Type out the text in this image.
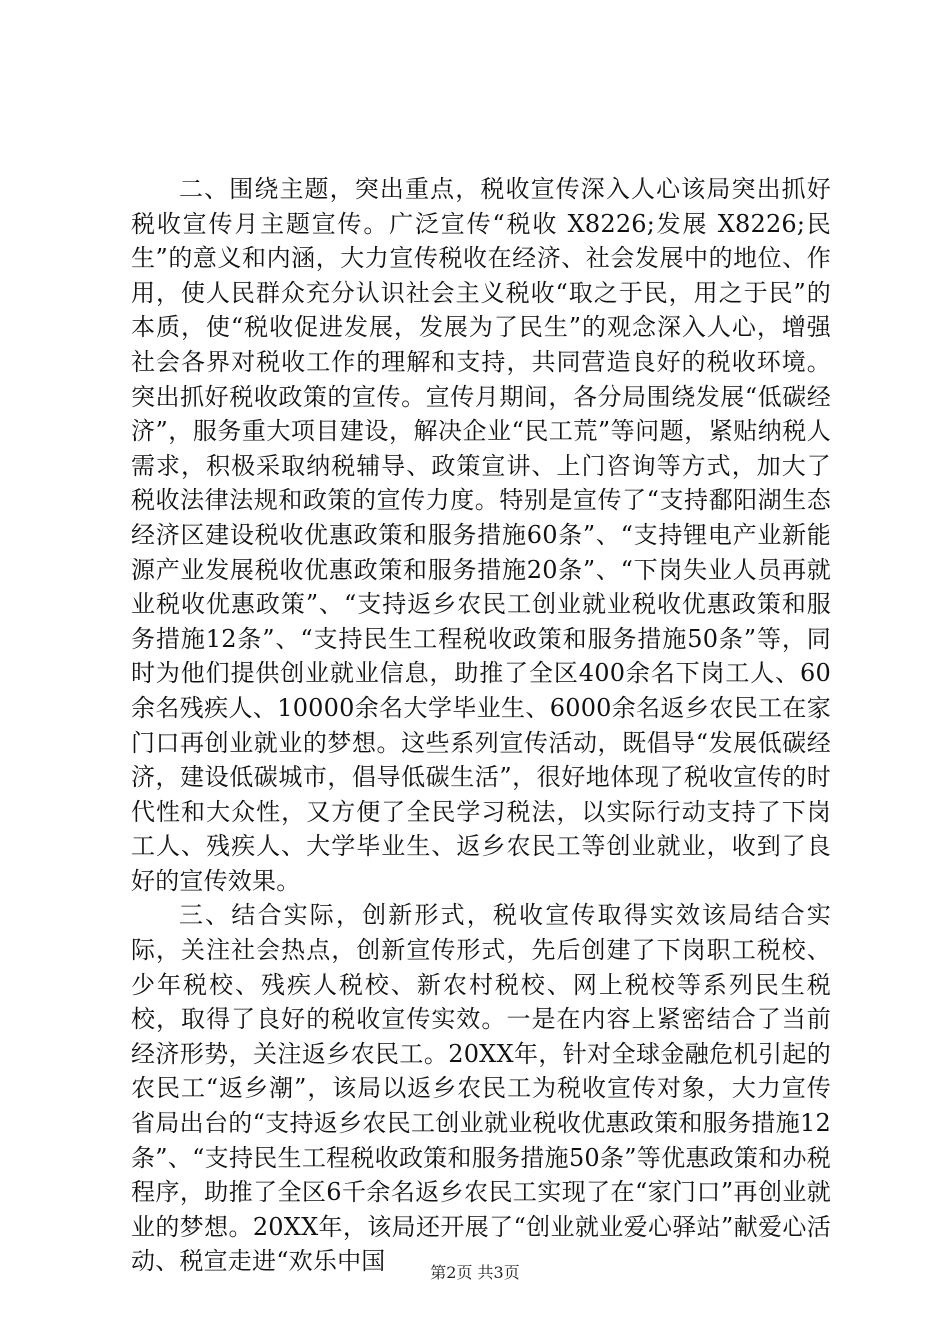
二、围绕主题，突出重点，税收宣传深入人心该局突出抓好税收宣传月主题宣传。广泛宣传“税收 X8226;发展 X8226;民生”的意义和内涵，大力宣传税收在经济、社会发展中的地位、作用，使人民群众充分认识社会主义税收“取之于民，用之于民”的本质，使“税收促进发展，发展为了民生”的观念深入人心，增强社会各界对税收工作的理解和支持，共同营造良好的税收环境。突出抓好税收政策的宣传。宣传月期间，各分局围绕发展“低碳经济”，服务重大项目建设，解决企业“民工荒”等问题，紧贴纳税人需求，积极采取纳税辅导、政策宣讲、上门咨询等方式，加大了税收法律法规和政策的宣传力度。特别是宣传了“支持鄱阳湖生态经济区建设税收优惠政策和服务措施60条”、“支持锂电产业新能源产业发展税收优惠政策和服务措施20条”、“下岗失业人员再就业税收优惠政策”、“支持返乡农民工创业就业税收优惠政策和服务措施12条”、“支持民生工程税收政策和服务措施50条”等，同时为他们提供创业就业信息，助推了全区400余名下岗工人、60余名残疾人、10000余名大学毕业生、6000余名返乡农民工在家门口再创业就业的梦想。这些系列宣传活动，既倡导“发展低碳经济，建设低碳城市，倡导低碳生活”，很好地体现了税收宣传的时代性和大众性，又方便了全民学习税法，以实际行动支持了下岗工人、残疾人、大学毕业生、返乡农民工等创业就业，收到了良好的宣传效果。

三、结合实际，创新形式，税收宣传取得实效该局结合实际，关注社会热点，创新宣传形式，先后创建了下岗职工税校、少年税校、残疾人税校、新农村税校、网上税校等系列民生税校，取得了良好的税收宣传实效。一是在内容上紧密结合了当前经济形势，关注返乡农民工。20XX年，针对全球金融危机引起的农民工“返乡潮”，该局以返乡农民工为税收宣传对象，大力宣传省局出台的“支持返乡农民工创业就业税收优惠政策和服务措施12条”、“支持民生工程税收政策和服务措施50条”等优惠政策和办税程序，助推了全区6千余名返乡农民工实现了在“家门口”再创业就业的梦想。20XX年，该局还开展了“创业就业爱心驿站”献爱心活动、税宣走进“欢乐中国	第2页 共3页
